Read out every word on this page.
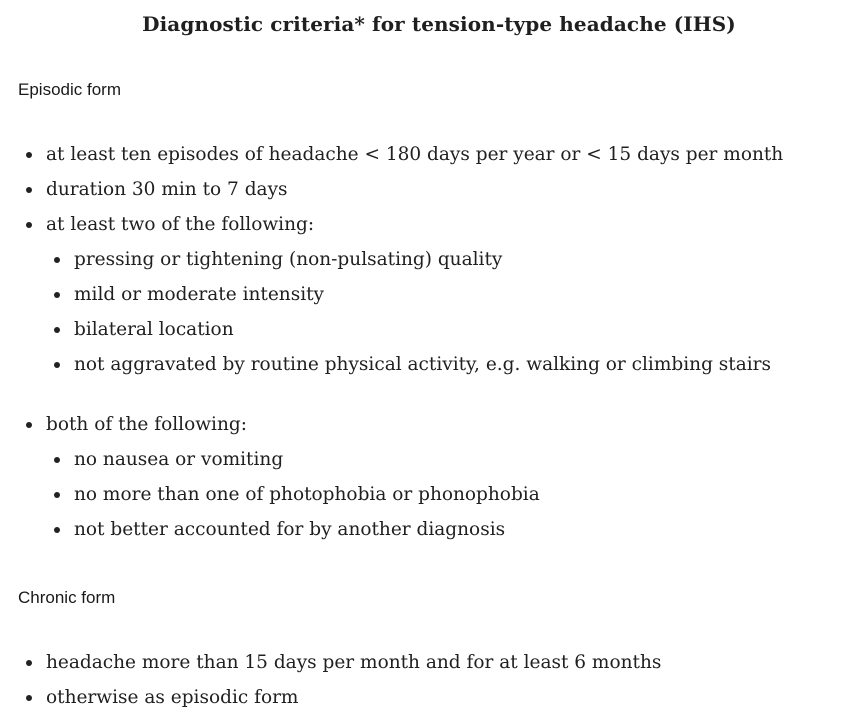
Diagnostic criteria* for tension-type headache (IHS)
Episodic form
at least ten episodes of headache < 180 days per year or < 15 days per month
duration 30 min to 7 days
at least two of the following:
pressing or tightening (non-pulsating) quality
mild or moderate intensity
bilateral location
not aggravated by routine physical activity, e.g. walking or climbing stairs
both of the following:
no nausea or vomiting
no more than one of photophobia or phonophobia
not better accounted for by another diagnosis
Chronic form
headache more than 15 days per month and for at least 6 months
otherwise as episodic form
